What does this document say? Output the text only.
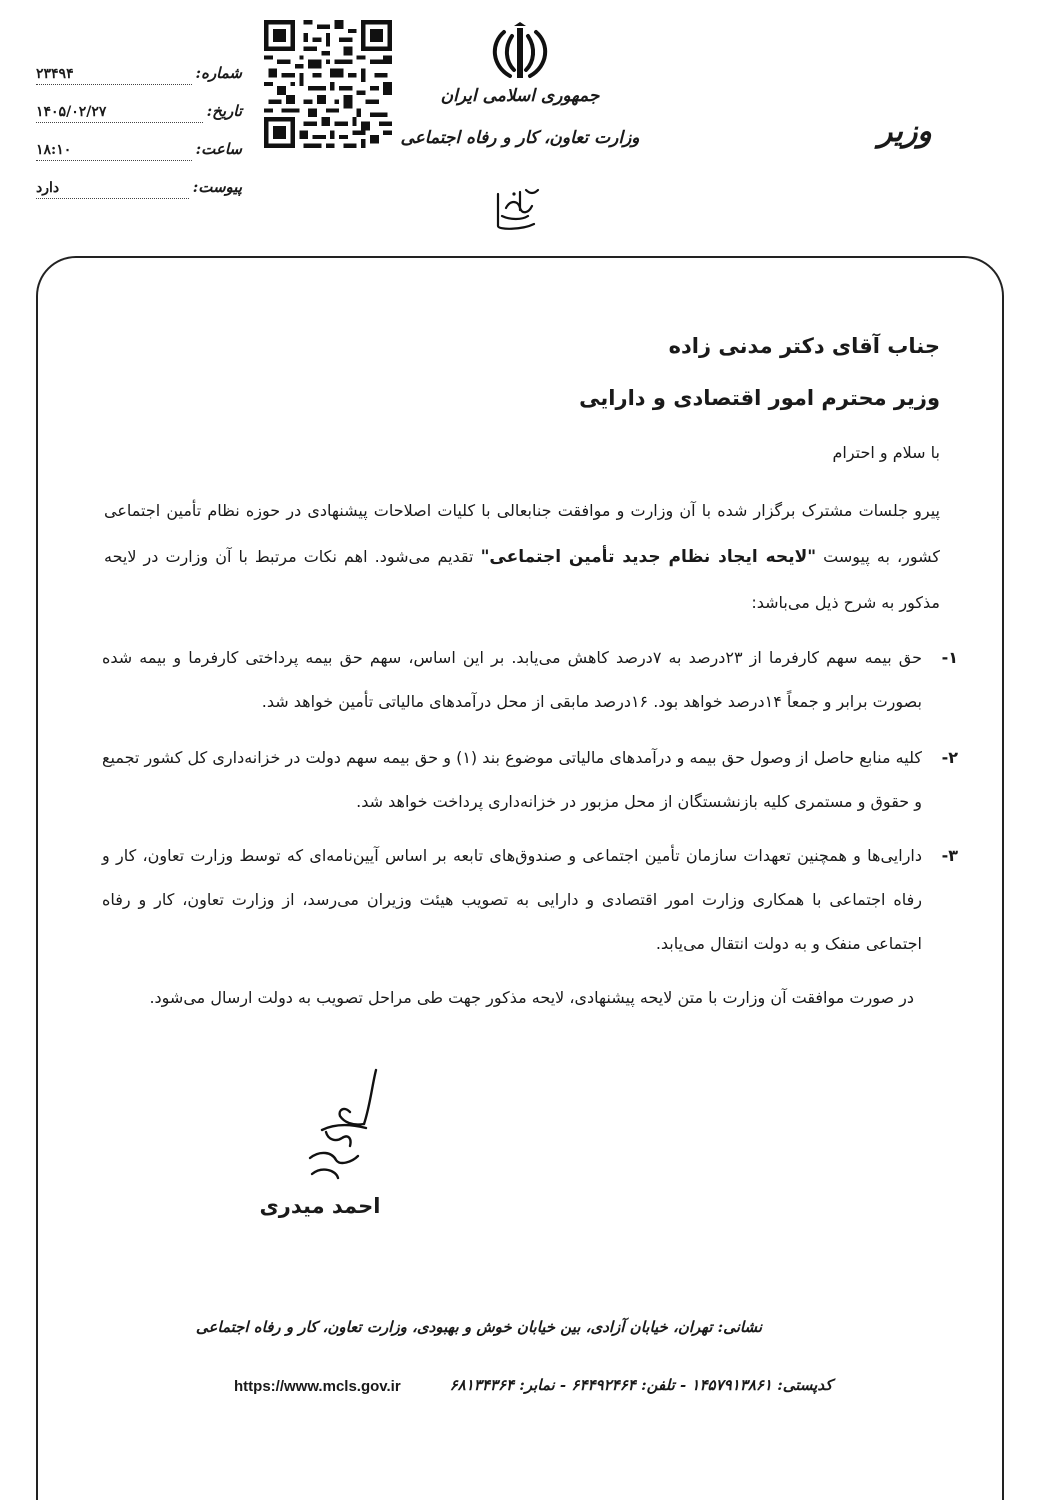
شماره:
۲۳۴۹۴
تاریخ:
۱۴۰۵/۰۲/۲۷
ساعت:
۱۸:۱۰
پیوست:
دارد
جمهوری اسلامی ایران
وزارت تعاون، کار و رفاه اجتماعی	وزیر
جناب آقای دکتر مدنی زاده
وزیر محترم امور اقتصادی و دارایی
با سلام و احترام
پیرو جلسات مشترک برگزار شده با آن وزارت و موافقت جنابعالی با کلیات اصلاحات پیشنهادی در حوزه نظام تأمین اجتماعی کشور، به پیوست "لایحه ایجاد نظام جدید تأمین اجتماعی" تقدیم می‌شود. اهم نکات مرتبط با آن وزارت در لایحه مذکور به شرح ذیل می‌باشد:
۱-
حق بیمه سهم کارفرما از ۲۳درصد به ۷درصد کاهش می‌یابد. بر این اساس، سهم حق بیمه پرداختی کارفرما و بیمه شده بصورت برابر و جمعاً ۱۴درصد خواهد بود. ۱۶درصد مابقی از محل درآمدهای مالیاتی تأمین خواهد شد.
۲-
کلیه منابع حاصل از وصول حق بیمه و درآمدهای مالیاتی موضوع بند (۱) و حق بیمه سهم دولت در خزانه‌داری کل کشور تجمیع و حقوق و مستمری کلیه بازنشستگان از محل مزبور در خزانه‌داری پرداخت خواهد شد.
۳-
دارایی‌ها و همچنین تعهدات سازمان تأمین اجتماعی و صندوق‌های تابعه بر اساس آیین‌نامه‌ای که توسط وزارت تعاون، کار و رفاه اجتماعی با همکاری وزارت امور اقتصادی و دارایی به تصویب هیئت وزیران می‌رسد، از وزارت تعاون، کار و رفاه اجتماعی منفک و به دولت انتقال می‌یابد.
در صورت موافقت آن وزارت با متن لایحه پیشنهادی، لایحه مذکور جهت طی مراحل تصویب به دولت ارسال می‌شود.
احمد میدری
نشانی: تهران، خیابان آزادی، بین خیابان خوش و بهبودی، وزارت تعاون، کار و رفاه اجتماعی
کدپستی: ۱۴۵۷۹۱۳۸۶۱ - تلفن: ۶۴۴۹۲۴۶۴ - نمابر: ۶۸۱۳۴۳۶۴
https://www.mcls.gov.ir
